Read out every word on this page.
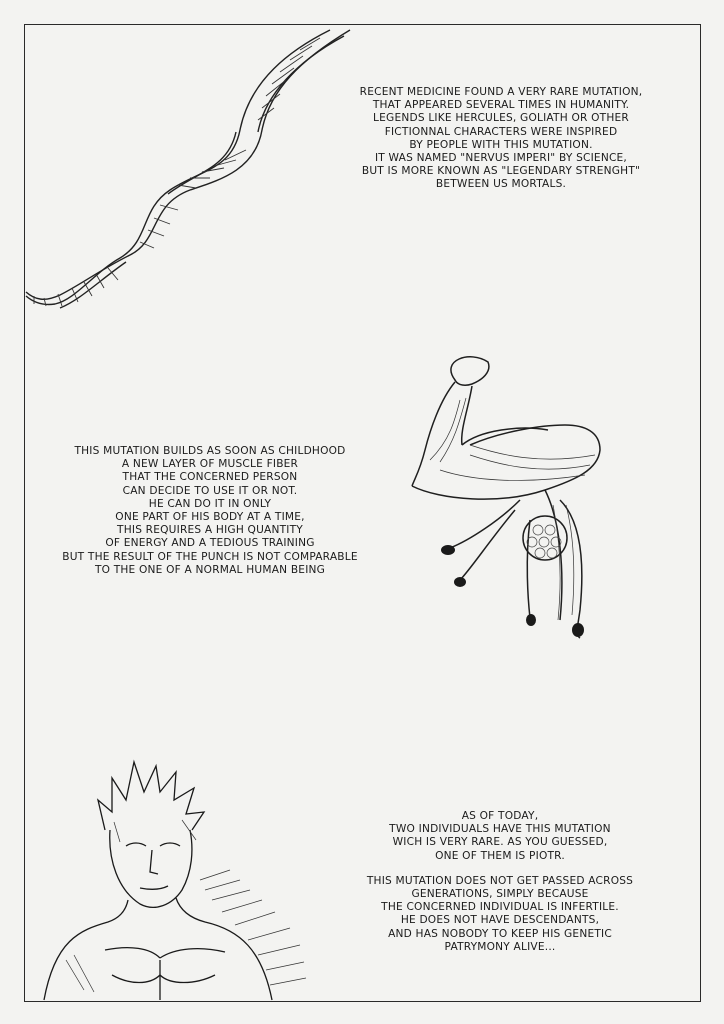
RECENT MEDICINE FOUND A VERY RARE MUTATION,
THAT APPEARED SEVERAL TIMES IN HUMANITY.
LEGENDS LIKE HERCULES, GOLIATH OR OTHER
FICTIONNAL CHARACTERS WERE INSPIRED
BY PEOPLE WITH THIS MUTATION.
IT WAS NAMED "NERVUS IMPERI" BY SCIENCE,
BUT IS MORE KNOWN AS "LEGENDARY STRENGHT"
BETWEEN US MORTALS.
THIS MUTATION BUILDS AS SOON AS CHILDHOOD
A NEW LAYER OF MUSCLE FIBER
THAT THE CONCERNED PERSON
CAN DECIDE TO USE IT OR NOT.
HE CAN DO IT IN ONLY
ONE PART OF HIS BODY AT A TIME,
THIS REQUIRES A HIGH QUANTITY
OF ENERGY AND A TEDIOUS TRAINING
BUT THE RESULT OF THE PUNCH IS NOT COMPARABLE
TO THE ONE OF A NORMAL HUMAN BEING
AS OF TODAY,
TWO INDIVIDUALS HAVE THIS MUTATION
WICH IS VERY RARE. AS YOU GUESSED,
ONE OF THEM IS PIOTR.
THIS MUTATION DOES NOT GET PASSED ACROSS
GENERATIONS, SIMPLY BECAUSE
THE CONCERNED INDIVIDUAL IS INFERTILE.
HE DOES NOT HAVE DESCENDANTS,
AND HAS NOBODY TO KEEP HIS GENETIC
PATRYMONY ALIVE...
